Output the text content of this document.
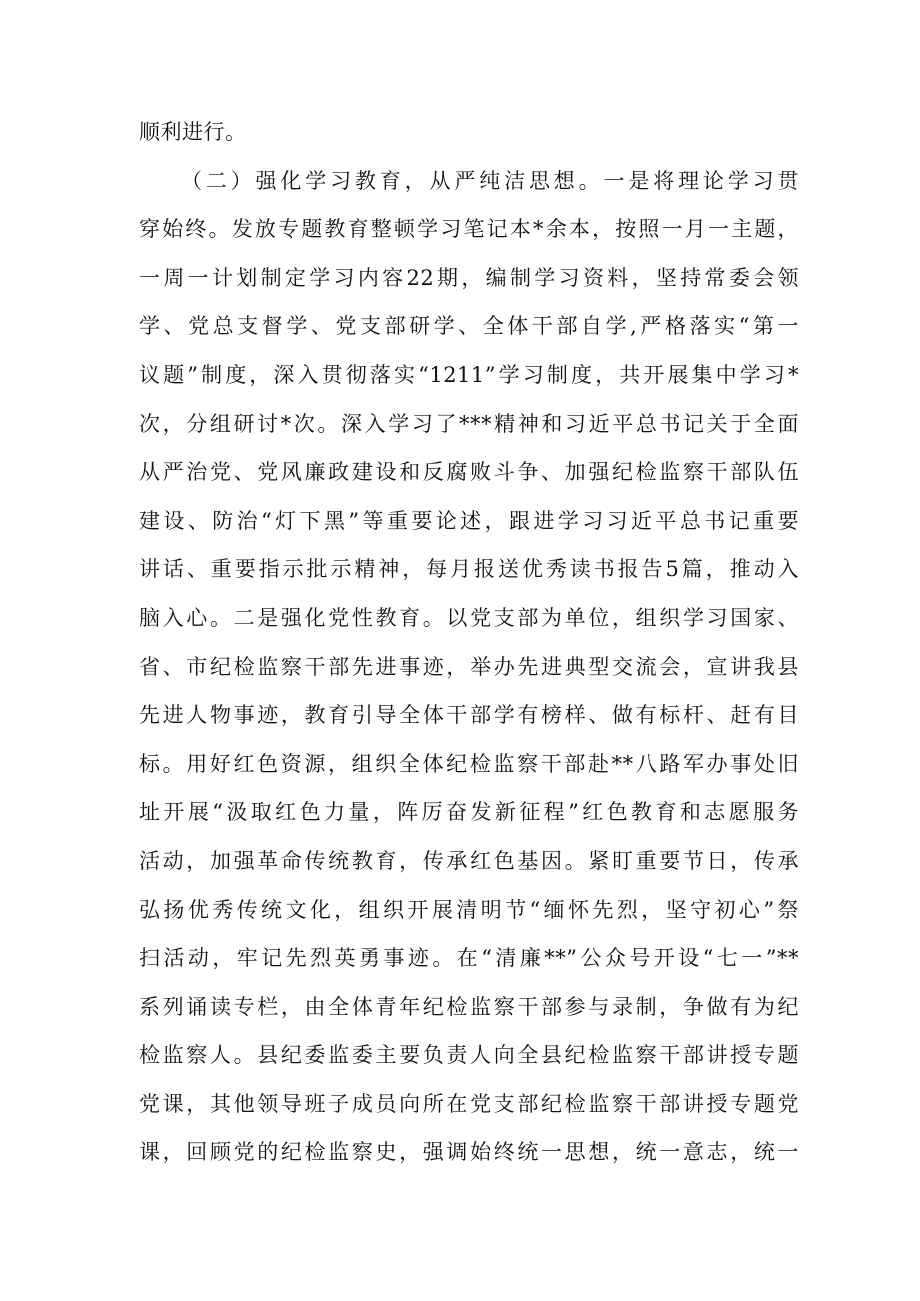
顺利进行。
（二）强化学习教育，从严纯洁思想。一是将理论学习贯
穿始终。发放专题教育整顿学习笔记本*余本，按照一月一主题，
一周一计划制定学习内容22期，编制学习资料，坚持常委会领
学、党总支督学、党支部研学、全体干部自学,严格落实“第一
议题”制度，深入贯彻落实“1211”学习制度，共开展集中学习*
次，分组研讨*次。深入学习了***精神和习近平总书记关于全面
从严治党、党风廉政建设和反腐败斗争、加强纪检监察干部队伍
建设、防治“灯下黑”等重要论述，跟进学习习近平总书记重要
讲话、重要指示批示精神，每月报送优秀读书报告5篇，推动入
脑入心。二是强化党性教育。以党支部为单位，组织学习国家、
省、市纪检监察干部先进事迹，举办先进典型交流会，宣讲我县
先进人物事迹，教育引导全体干部学有榜样、做有标杆、赶有目
标。用好红色资源，组织全体纪检监察干部赴**八路军办事处旧
址开展“汲取红色力量，阵厉奋发新征程”红色教育和志愿服务
活动，加强革命传统教育，传承红色基因。紧盯重要节日，传承
弘扬优秀传统文化，组织开展清明节“缅怀先烈，坚守初心”祭
扫活动，牢记先烈英勇事迹。在“清廉**”公众号开设“七一”**
系列诵读专栏，由全体青年纪检监察干部参与录制，争做有为纪
检监察人。县纪委监委主要负责人向全县纪检监察干部讲授专题
党课，其他领导班子成员向所在党支部纪检监察干部讲授专题党
课，回顾党的纪检监察史，强调始终统一思想，统一意志，统一
